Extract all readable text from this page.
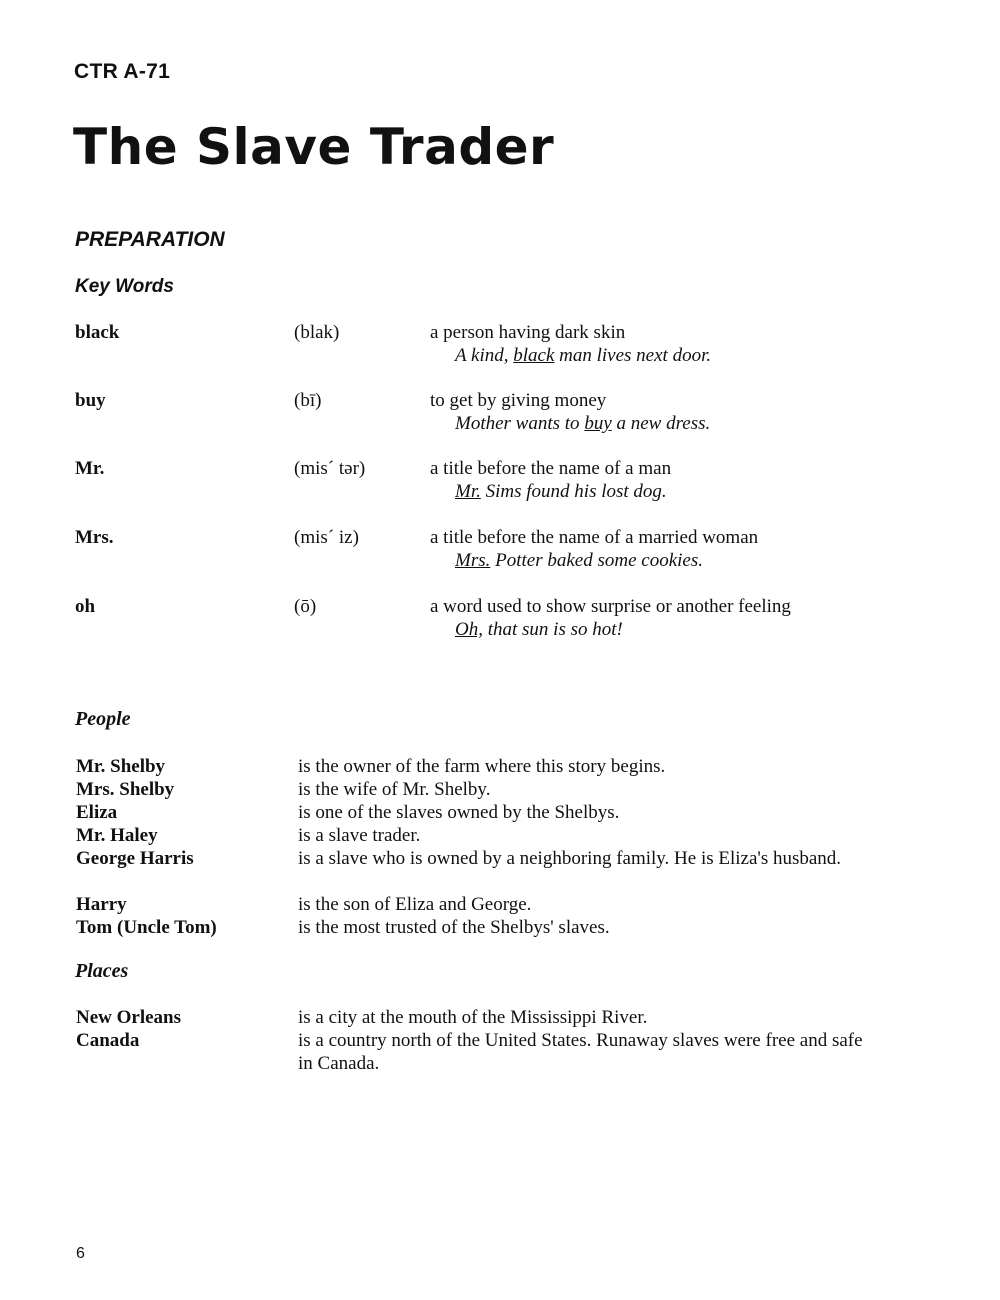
CTR A-71
The Slave Trader
PREPARATION
Key Words
black	(blak)	a person having dark skin
A kind, black man lives next door.
buy	(bī)	to get by giving money
Mother wants to buy a new dress.
Mr.	(mis´ tər)	a title before the name of a man
Mr. Sims found his lost dog.
Mrs.	(mis´ iz)	a title before the name of a married woman
Mrs. Potter baked some cookies.
oh	(ō)	a word used to show surprise or another feeling
Oh, that sun is so hot!
People
Mr. Shelby	is the owner of the farm where this story begins.
Mrs. Shelby	is the wife of Mr. Shelby.
Eliza	is one of the slaves owned by the Shelbys.
Mr. Haley	is a slave trader.
George Harris	is a slave who is owned by a neighboring family. He is Eliza's husband.
Harry	is the son of Eliza and George.
Tom (Uncle Tom)	is the most trusted of the Shelbys' slaves.
Places
New Orleans	is a city at the mouth of the Mississippi River.
Canada	is a country north of the United States. Runaway slaves were free and safe in Canada.
6
